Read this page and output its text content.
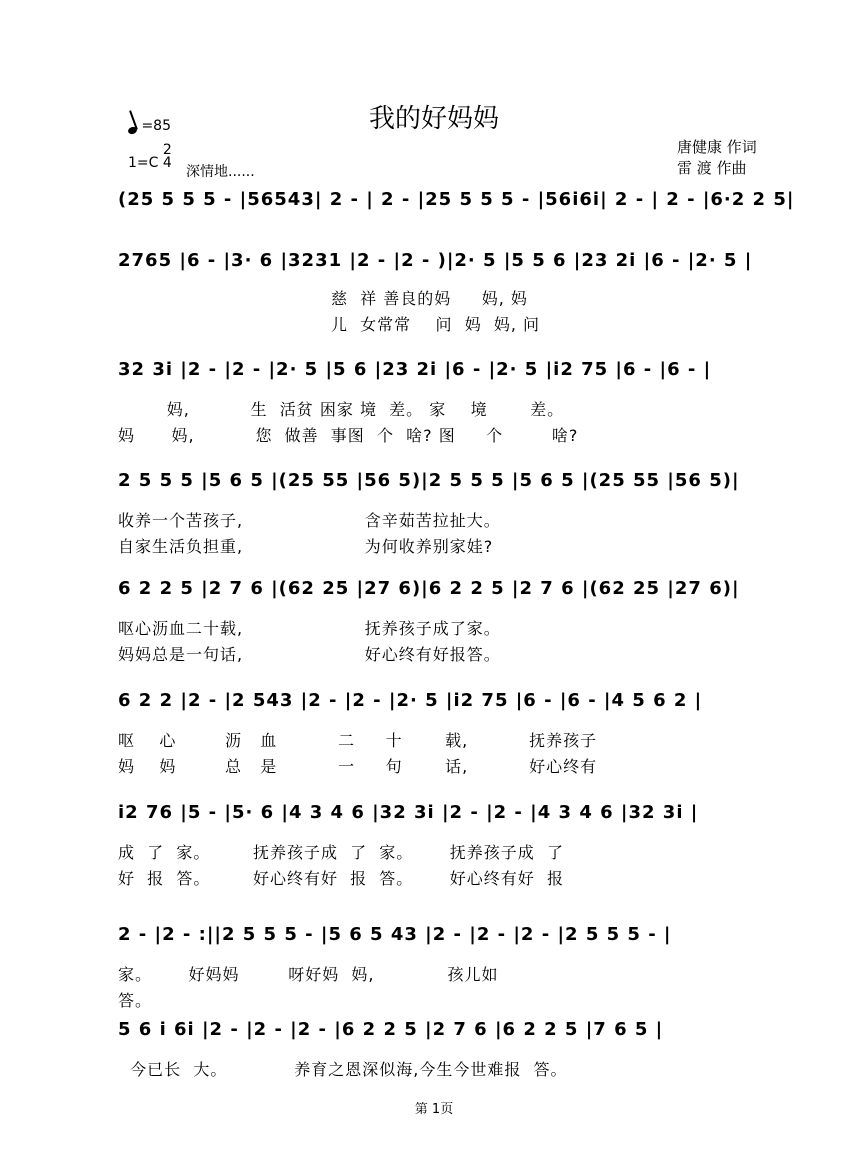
我的好妈妈
=85
1=C 2
4
深情地......
唐健康 作词
雷 渡 作曲
(25 5 5 5 - |56543| 2 - | 2 - |25 5 5 5 - |56i6i| 2 - | 2 - |6·2 2 5|
2765 |6 - |3· 6 |3231 |2 - |2 - )|2· 5 |5 5 6 |23 2i |6 - |2· 5 |
慈  祥 善良的妈     妈, 妈
儿  女常常    问  妈  妈, 问
32 3i |2 - |2 - |2· 5 |5 6 |23 2i |6 - |2· 5 |i2 75 |6 - |6 - |
妈,          生  活贫 困家 境  差。 家    境       差。
妈      妈,          您  做善  事图  个  啥? 图     个        啥?
2 5 5 5 |5 6 5 |(25 55 |56 5)|2 5 5 5 |5 6 5 |(25 55 |56 5)|
收养一个苦孩子,                    含辛茹苦拉扯大。
自家生活负担重,                    为何收养别家娃?
6 2 2 5 |2 7 6 |(62 25 |27 6)|6 2 2 5 |2 7 6 |(62 25 |27 6)|
呕心沥血二十载,                    抚养孩子成了家。
妈妈总是一句话,                    好心终有好报答。
6 2 2 |2 - |2 543 |2 - |2 - |2· 5 |i2 75 |6 - |6 - |4 5 6 2 |
呕    心        沥   血          二     十       载,          抚养孩子
妈    妈        总   是          一     句       话,          好心终有
i2 76 |5 - |5· 6 |4 3 4 6 |32 3i |2 - |2 - |4 3 4 6 |32 3i |
成  了  家。       抚养孩子成  了  家。      抚养孩子成  了
好  报  答。       好心终有好  报  答。      好心终有好  报
2 - |2 - :||2 5 5 5 - |5 6 5 43 |2 - |2 - |2 - |2 5 5 5 - |
家。      好妈妈        呀好妈  妈,            孩儿如
答。
5 6 i 6i |2 - |2 - |2 - |6 2 2 5 |2 7 6 |6 2 2 5 |7 6 5 |
今已长  大。           养育之恩深似海,今生今世难报  答。
第 1页
